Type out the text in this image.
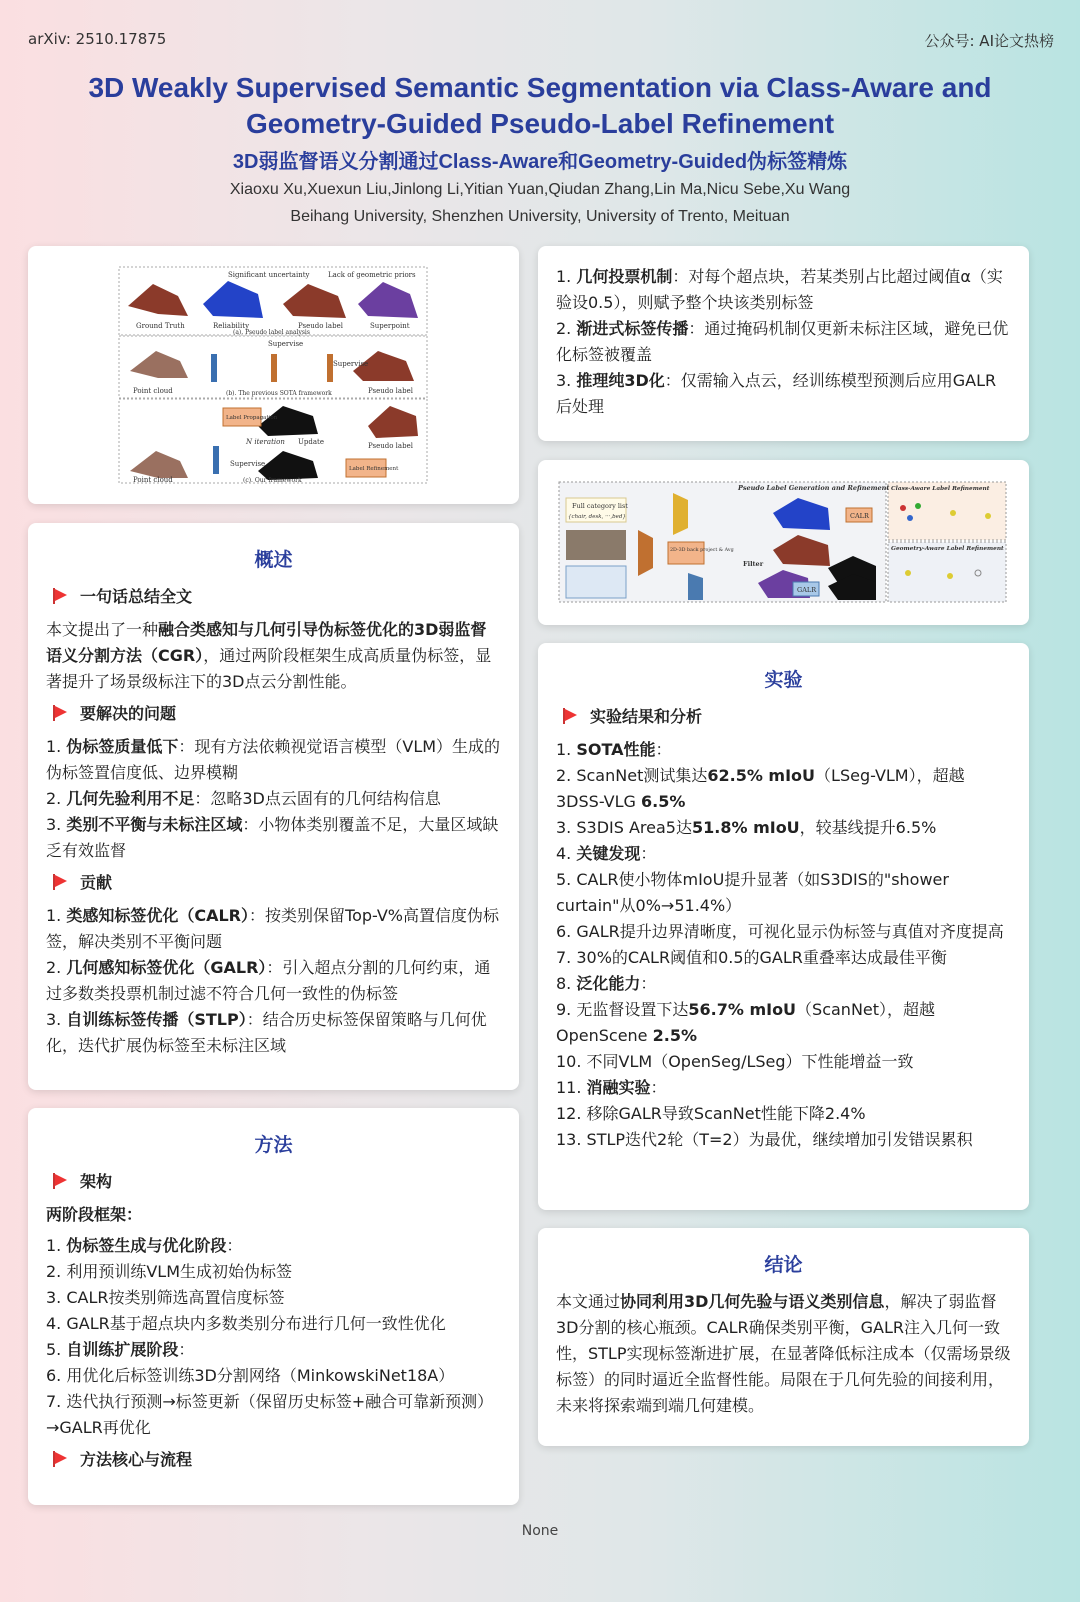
arXiv: 2510.17875	公众号: AI论文热榜
3D Weakly Supervised Semantic Segmentation via Class-Aware and
Geometry-Guided Pseudo-Label Refinement
3D弱监督语义分割通过Class-Aware和Geometry-Guided伪标签精炼
Xiaoxu Xu,Xuexun Liu,Jinlong Li,Yitian Yuan,Qiudan Zhang,Lin Ma,Nicu Sebe,Xu Wang
Beihang University, Shenzhen University, University of Trento, Meituan
Significant uncertainty	Lack of geometric priors
Ground Truth	Reliability	Pseudo label	Superpoint
(a). Pseudo label analysis
Supervise
Supervise
Point cloud	(b). The previous SOTA framework	Pseudo label
Label Propagation
N iteration Update	Pseudo label
Supervise
Label Refinement
Point cloud	(c). Our framework
概述
一句话总结全文
本文提出了一种融合类感知与几何引导伪标签优化的3D弱监督语义分割方法（CGR），通过两阶段框架生成高质量伪标签，显著提升了场景级标注下的3D点云分割性能。
要解决的问题
1. 伪标签质量低下：现有方法依赖视觉语言模型（VLM）生成的伪标签置信度低、边界模糊
2. 几何先验利用不足：忽略3D点云固有的几何结构信息
3. 类别不平衡与未标注区域：小物体类别覆盖不足，大量区域缺乏有效监督
贡献
1. 类感知标签优化（CALR）：按类别保留Top-V%高置信度伪标签，解决类别不平衡问题
2. 几何感知标签优化（GALR）：引入超点分割的几何约束，通过多数类投票机制过滤不符合几何一致性的伪标签
3. 自训练标签传播（STLP）：结合历史标签保留策略与几何优化，迭代扩展伪标签至未标注区域
方法
架构
两阶段框架：
1. 伪标签生成与优化阶段：
2. 利用预训练VLM生成初始伪标签
3. CALR按类别筛选高置信度标签
4. GALR基于超点块内多数类别分布进行几何一致性优化
5. 自训练扩展阶段：
6. 用优化后标签训练3D分割网络（MinkowskiNet18A）
7. 迭代执行预测→标签更新（保留历史标签+融合可靠新预测）→GALR再优化
方法核心与流程
1. 几何投票机制：对每个超点块，若某类别占比超过阈值α（实验设0.5），则赋予整个块该类别标签
2. 渐进式标签传播：通过掩码机制仅更新未标注区域，避免已优化标签被覆盖
3. 推理纯3D化：仅需输入点云，经训练模型预测后应用GALR后处理
Pseudo Label Generation and Refinement
Full category list
{chair, desk, ···,bed}
2D-3D back project & Avg
Filter
CALR
GALR
Class-Aware Label Refinement
Geometry-Aware Label Refinement
实验
实验结果和分析
1. SOTA性能：
2. ScanNet测试集达62.5% mIoU（LSeg-VLM），超越3DSS-VLG 6.5%
3. S3DIS Area5达51.8% mIoU，较基线提升6.5%
4. 关键发现：
5. CALR使小物体mIoU提升显著（如S3DIS的"shower curtain"从0%→51.4%）
6. GALR提升边界清晰度，可视化显示伪标签与真值对齐度提高
7. 30%的CALR阈值和0.5的GALR重叠率达成最佳平衡
8. 泛化能力：
9. 无监督设置下达56.7% mIoU（ScanNet），超越OpenScene 2.5%
10. 不同VLM（OpenSeg/LSeg）下性能增益一致
11. 消融实验：
12. 移除GALR导致ScanNet性能下降2.4%
13. STLP迭代2轮（T=2）为最优，继续增加引发错误累积
结论
本文通过协同利用3D几何先验与语义类别信息，解决了弱监督3D分割的核心瓶颈。CALR确保类别平衡，GALR注入几何一致性，STLP实现标签渐进扩展，在显著降低标注成本（仅需场景级标签）的同时逼近全监督性能。局限在于几何先验的间接利用，未来将探索端到端几何建模。
None
